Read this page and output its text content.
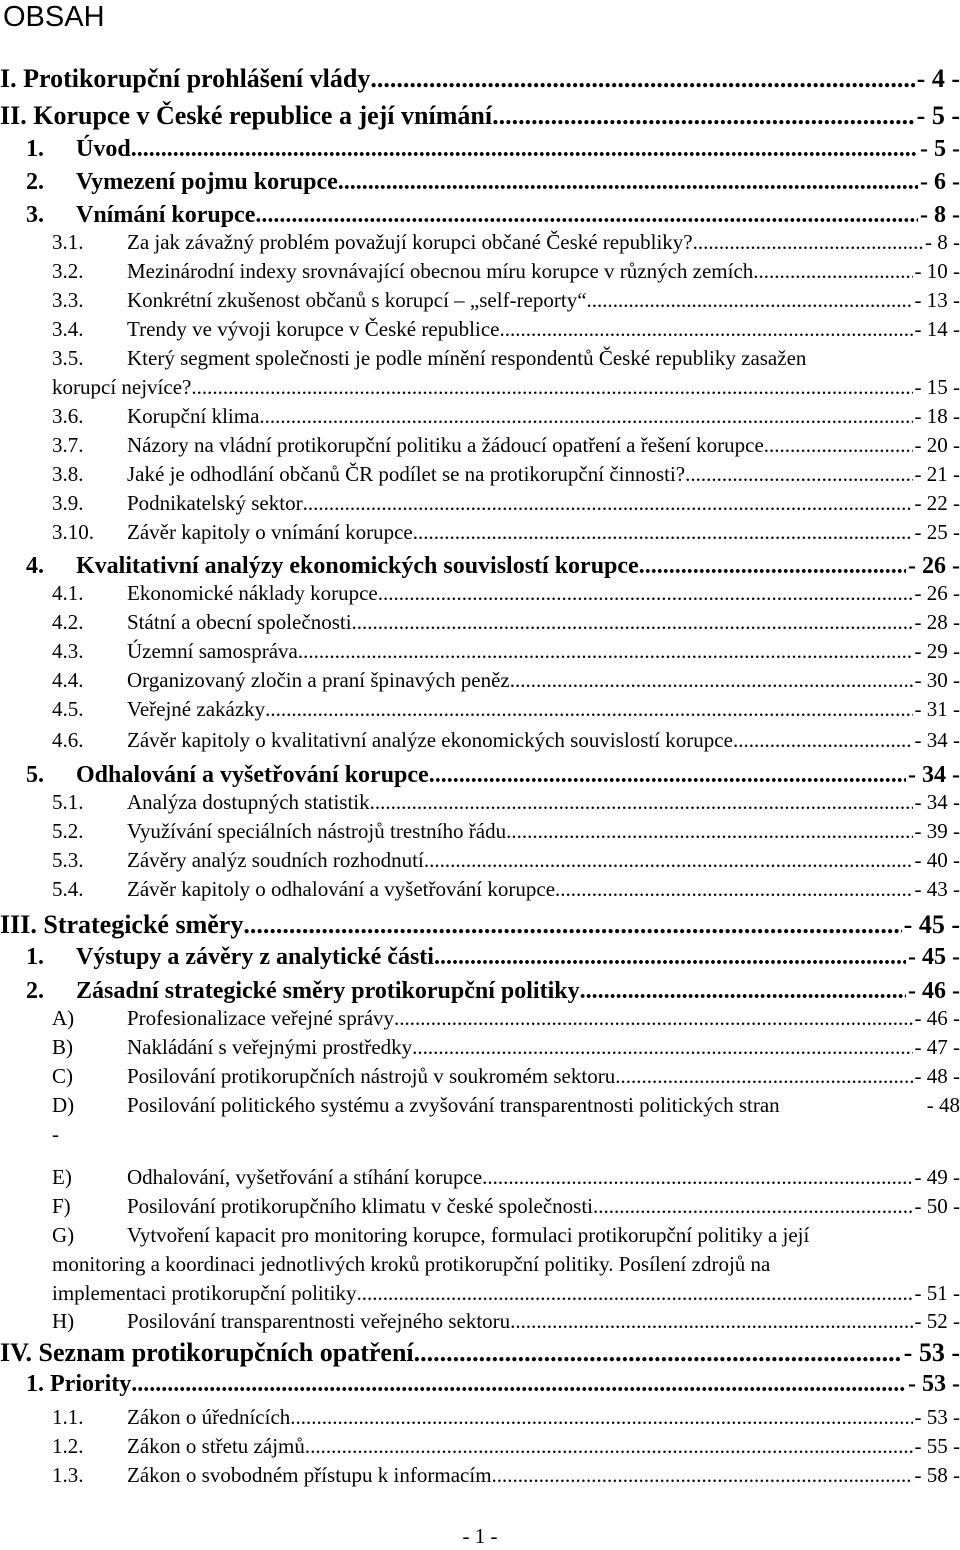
OBSAH
I. Protikorupční prohlášení vlády .....	- 4 -
II. Korupce v České republice a její vnímání .....	- 5 -
1. Úvod .....	- 5 -
2. Vymezení pojmu korupce .....	- 6 -
3. Vnímání korupce .....	- 8 -
3.1. Za jak závažný problém považují korupci občané České republiky? .....	- 8 -
3.2. Mezinárodní indexy srovnávající obecnou míru korupce v různých zemích. .....	- 10 -
3.3. Konkrétní zkušenost občanů s korupcí – „self-reporty“ .....	- 13 -
3.4. Trendy ve vývoji korupce v České republice .....	- 14 -
3.5. Který segment společnosti je podle mínění respondentů České republiky zasažen
korupcí nejvíce? .....	- 15 -
3.6. Korupční klima .....	- 18 -
3.7. Názory na vládní protikorupční politiku a žádoucí opatření a řešení korupce .....	- 20 -
3.8. Jaké je odhodlání občanů ČR podílet se na protikorupční činnosti? .....	- 21 -
3.9. Podnikatelský sektor .....	- 22 -
3.10. Závěr kapitoly o vnímání korupce .....	- 25 -
4. Kvalitativní analýzy ekonomických souvislostí korupce .....	- 26 -
4.1. Ekonomické náklady korupce .....	- 26 -
4.2. Státní a obecní společnosti .....	- 28 -
4.3. Územní samospráva .....	- 29 -
4.4. Organizovaný zločin a praní špinavých peněz .....	- 30 -
4.5. Veřejné zakázky .....	- 31 -
4.6. Závěr kapitoly o kvalitativní analýze ekonomických souvislostí korupce .....	- 34 -
5. Odhalování a vyšetřování korupce .....	- 34 -
5.1. Analýza dostupných statistik .....	- 34 -
5.2. Využívání speciálních nástrojů trestního řádu .....	- 39 -
5.3. Závěry analýz soudních rozhodnutí .....	- 40 -
5.4. Závěr kapitoly o odhalování a vyšetřování korupce .....	- 43 -
III. Strategické směry .....	- 45 -
1. Výstupy a závěry z analytické části .....	- 45 -
2. Zásadní strategické směry protikorupční politiky .....	- 46 -
A)	Profesionalizace veřejné správy .....	- 46 -
B)	Nakládání s veřejnými prostředky .....	- 47 -
C)	Posilování protikorupčních nástrojů v soukromém sektoru .....	- 48 -
D)	Posilování politického systému a zvyšování transparentnosti politických stran	- 48
-
E)	Odhalování, vyšetřování a stíhání korupce .....	- 49 -
F)	Posilování protikorupčního klimatu v české společnosti .....	- 50 -
G)	Vytvoření kapacit pro monitoring korupce, formulaci protikorupční politiky a její
monitoring a koordinaci jednotlivých kroků protikorupční politiky. Posílení zdrojů na
implementaci protikorupční politiky .....	- 51 -
H)	Posilování transparentnosti veřejného sektoru .....	- 52 -
IV. Seznam protikorupčních opatření .....	- 53 -
1. Priority .....	- 53 -
1.1. Zákon o úřednících .....	- 53 -
1.2. Zákon o střetu zájmů .....	- 55 -
1.3. Zákon o svobodném přístupu k informacím .....	- 58 -
- 1 -
